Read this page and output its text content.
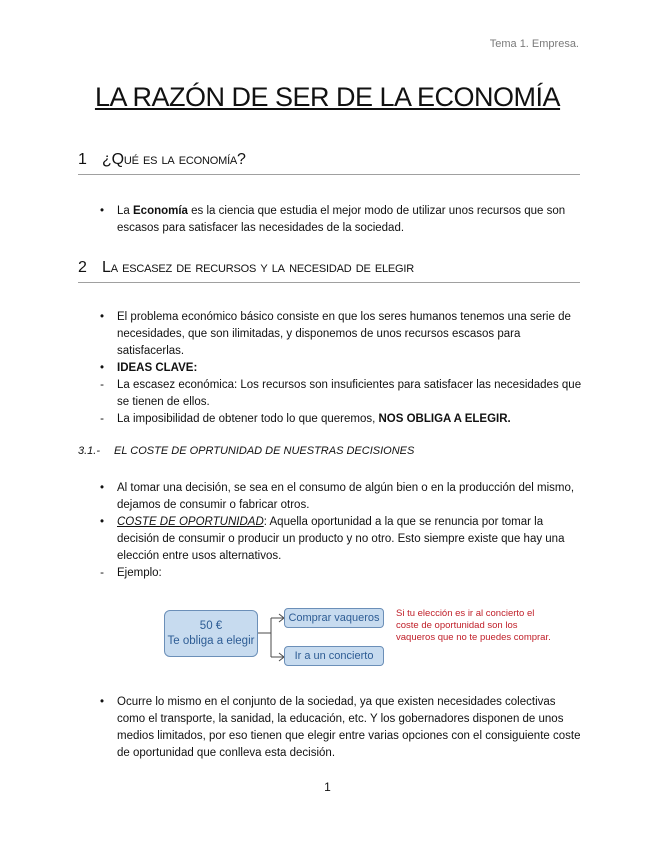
Tema 1. Empresa.
LA RAZÓN DE SER DE LA ECONOMÍA
1 ¿Qué es la economía?
•	La Economía es la ciencia que estudia el mejor modo de utilizar unos recursos que son escasos para satisfacer las necesidades de la sociedad.
2 La escasez de recursos y la necesidad de elegir
•	El problema económico básico consiste en que los seres humanos tenemos una serie de necesidades, que son ilimitadas, y disponemos de unos recursos escasos para satisfacerlas.
•	IDEAS CLAVE:
-	La escasez económica: Los recursos son insuficientes para satisfacer las necesidades que se tienen de ellos.
-	La imposibilidad de obtener todo lo que queremos, NOS OBLIGA A ELEGIR.
3.1.- EL COSTE DE OPRTUNIDAD DE NUESTRAS DECISIONES
•	Al tomar una decisión, se sea en el consumo de algún bien o en la producción del mismo, dejamos de consumir o fabricar otros.
•	COSTE DE OPORTUNIDAD: Aquella oportunidad a la que se renuncia por tomar la decisión de consumir o producir un producto y no otro. Esto siempre existe que hay una elección entre usos alternativos.
-	Ejemplo:
50 €
Te obliga a elegir
Comprar vaqueros
Ir a un concierto
Si tu elección es ir al concierto el coste de oportunidad son los vaqueros que no te puedes comprar.
•	Ocurre lo mismo en el conjunto de la sociedad, ya que existen necesidades colectivas como el transporte, la sanidad, la educación, etc. Y los gobernadores disponen de unos medios limitados, por eso tienen que elegir entre varias opciones con el consiguiente coste de oportunidad que conlleva esta decisión.
1
